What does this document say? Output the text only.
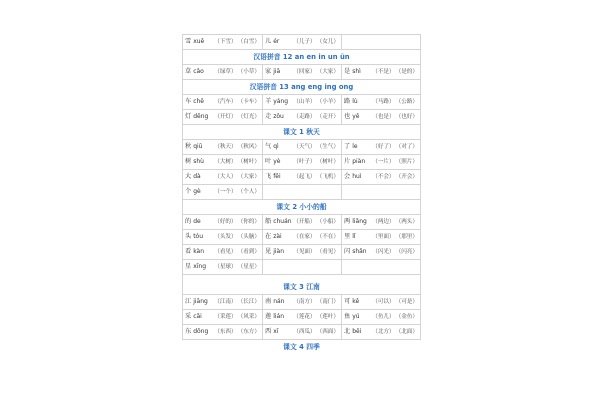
雪 xuě （下雪） （白雪）	儿 ér （儿子） （女儿）	

汉语拼音 12 an en in un ün		

草 cǎo （绿草） （小草）	家 jiā （回家） （大家）	是 shì （不是） （是的）

汉语拼音 13 ang eng ing ong		

车 chē （汽车） （卡车）	羊 yáng （山羊） （小羊）	路 lù （马路） （公路）

灯 dēng （开灯） （灯光）	走 zǒu （走路） （走开）	也 yě （也是） （也好）

课文 1 秋天		

秋 qiū （秋天） （秋风）	气 qì （天气） （生气）	了 le （好了） （对了）

树 shù （大树） （树叶）	叶 yè （叶子） （树叶）	片 piàn （一片） （照片）

大 dà （大人） （大家）	飞 fēi （起飞） （飞机）	会 huì （不会） （开会）

个 gè （一个） （个人）		

课文 2 小小的船		

的 de （好的） （你的）	船 chuán （开船） （小船）	两 liǎng （两边） （两头）

头 tóu （头发） （头脑）	在 zài （在家） （不在）	里 lǐ （里面） （那里）

看 kàn （看见） （看到）	见 jiàn （见面） （看见）	闪 shǎn （闪光） （闪亮）

星 xīng （星球） （星星）		

课文 3 江南		

江 jiāng （江南） （长江）	南 nán （南方） （南门）	可 kě （可以） （可是）

采 cǎi （采莲） （风采）	莲 lián （莲花） （莲叶）	鱼 yú （鱼儿） （金鱼）

东 dōng （东西） （东方）	西 xī （西瓜） （西面）	北 běi （北方） （北面）

课文 4 四季		
